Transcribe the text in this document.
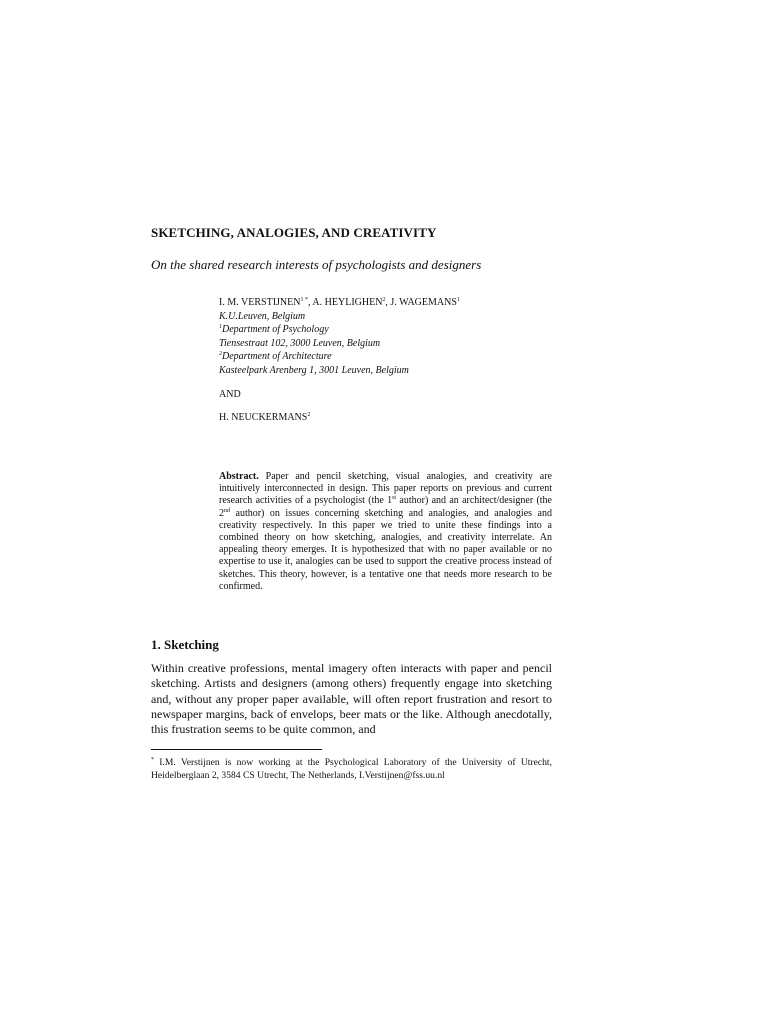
SKETCHING, ANALOGIES, AND CREATIVITY
On the shared research interests of psychologists and designers
I. M. $VERSTIJNEN^{1 *}$, A. HEYLIGHEN$^2$, J. WAGEMANS$^1$
K.U.Leuven, Belgium
$^1$Department of Psychology
Tiensestraat 102, 3000 Leuven, Belgium
$^2$Department of Architecture
Kasteelpark Arenberg 1, 3001 Leuven, Belgium
AND
H. NEUCKERMANS$^2$
Abstract. Paper and pencil sketching, visual analogies, and creativity are intuitively interconnected in design. This paper reports on previous and current research activities of a psychologist (the 1st author) and an architect/designer (the 2nd author) on issues concerning sketching and analogies, and analogies and creativity respectively. In this paper we tried to unite these findings into a combined theory on how sketching, analogies, and creativity interrelate. An appealing theory emerges. It is hypothesized that with no paper available or no expertise to use it, analogies can be used to support the creative process instead of sketches. This theory, however, is a tentative one that needs more research to be confirmed.
1. Sketching
Within creative professions, mental imagery often interacts with paper and pencil sketching. Artists and designers (among others) frequently engage into sketching and, without any proper paper available, will often report frustration and resort to newspaper margins, back of envelops, beer mats or the like. Although anecdotally, this frustration seems to be quite common, and
* I.M. Verstijnen is now working at the Psychological Laboratory of the University of Utrecht, Heidelberglaan 2, 3584 CS Utrecht, The Netherlands, I.Verstijnen@fss.uu.nl
